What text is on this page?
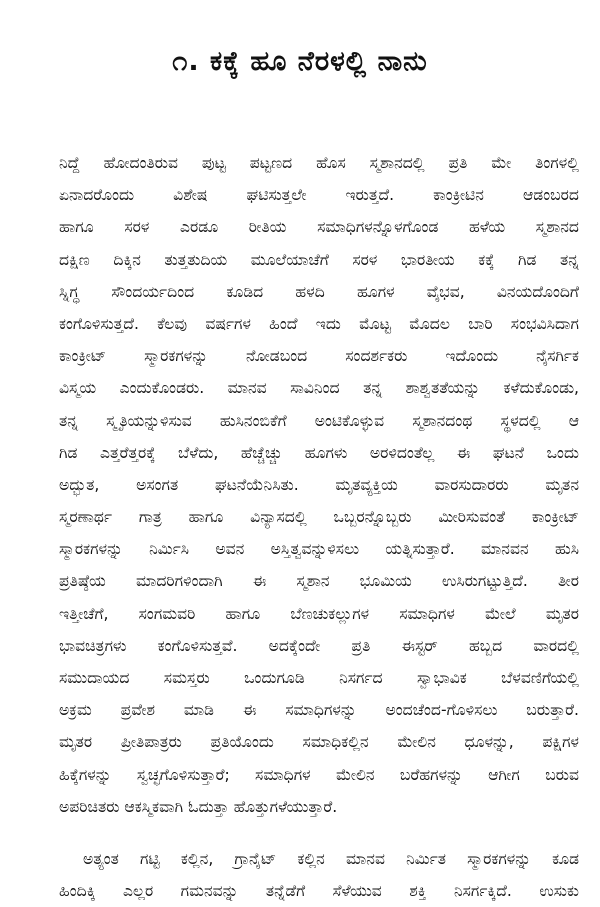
೧. ಕಕ್ಕೆ ಹೂ ನೆರಳಲ್ಲಿ ನಾನು
ನಿದ್ದೆ ಹೋದಂತಿರುವ ಪುಟ್ಟ ಪಟ್ಟಣದ ಹೊಸ ಸ್ಮಶಾನದಲ್ಲಿ ಪ್ರತಿ ಮೇ ತಿಂಗಳಲ್ಲಿ
ಏನಾದರೊಂದು ವಿಶೇಷ ಘಟಿಸುತ್ತಲೇ ಇರುತ್ತದೆ. ಕಾಂಕ್ರೀಟಿನ ಆಡಂಬರದ
ಹಾಗೂ ಸರಳ ಎರಡೂ ರೀತಿಯ ಸಮಾಧಿಗಳನ್ನೊಳಗೊಂಡ ಹಳೆಯ ಸ್ಮಶಾನದ
ದಕ್ಷಿಣ ದಿಕ್ಕಿನ ತುತ್ತತುದಿಯ ಮೂಲೆಯಾಚೆಗೆ ಸರಳ ಭಾರತೀಯ ಕಕ್ಕೆ ಗಿಡ ತನ್ನ
ಸ್ನಿಗ್ಧ ಸೌಂದರ್ಯದಿಂದ ಕೂಡಿದ ಹಳದಿ ಹೂಗಳ ವೈಭವ, ವಿನಯದೊಂದಿಗೆ
ಕಂಗೊಳಿಸುತ್ತದೆ. ಕೆಲವು ವರ್ಷಗಳ ಹಿಂದೆ ಇದು ಮೊಟ್ಟ ಮೊದಲ ಬಾರಿ ಸಂಭವಿಸಿದಾಗ
ಕಾಂಕ್ರೀಟ್ ಸ್ಮಾರಕಗಳನ್ನು ನೋಡಬಂದ ಸಂದರ್ಶಕರು ಇದೊಂದು ನೈಸರ್ಗಿಕ
ವಿಸ್ಮಯ ಎಂದುಕೊಂಡರು. ಮಾನವ ಸಾವಿನಿಂದ ತನ್ನ ಶಾಶ್ವತತೆಯನ್ನು ಕಳೆದುಕೊಂಡು,
ತನ್ನ ಸ್ಮೃತಿಯನ್ನುಳಿಸುವ ಹುಸಿನಂಬಿಕೆಗೆ ಅಂಟಿಕೊಳ್ಳುವ ಸ್ಮಶಾನದಂಥ ಸ್ಥಳದಲ್ಲಿ ಆ
ಗಿಡ ಎತ್ತರೆತ್ತರಕ್ಕೆ ಬೆಳೆದು, ಹೆಚ್ಚೆಚ್ಚು ಹೂಗಳು ಅರಳಿದಂತೆಲ್ಲ ಈ ಘಟನೆ ಒಂದು
ಅದ್ಭುತ, ಅಸಂಗತ ಘಟನೆಯೆನಿಸಿತು. ಮೃತವ್ಯಕ್ತಿಯ ವಾರಸುದಾರರು ಮೃತನ
ಸ್ಮರಣಾರ್ಥ ಗಾತ್ರ ಹಾಗೂ ವಿನ್ಯಾಸದಲ್ಲಿ ಒಬ್ಬರನ್ನೊಬ್ಬರು ಮೀರಿಸುವಂತೆ ಕಾಂಕ್ರೀಟ್
ಸ್ಮಾರಕಗಳನ್ನು ನಿರ್ಮಿಸಿ ಅವನ ಅಸ್ತಿತ್ವವನ್ನುಳಿಸಲು ಯತ್ನಿಸುತ್ತಾರೆ. ಮಾನವನ ಹುಸಿ
ಪ್ರತಿಷ್ಠೆಯ ಮಾದರಿಗಳಿಂದಾಗಿ ಈ ಸ್ಮಶಾನ ಭೂಮಿಯ ಉಸಿರುಗಟ್ಟುತ್ತಿದೆ. ತೀರ
ಇತ್ತೀಚೆಗೆ, ಸಂಗಮವರಿ ಹಾಗೂ ಬೆಣಚುಕಲ್ಲುಗಳ ಸಮಾಧಿಗಳ ಮೇಲೆ ಮೃತರ
ಭಾವಚಿತ್ರಗಳು ಕಂಗೊಳಿಸುತ್ತವೆ. ಅದಕ್ಕೆಂದೇ ಪ್ರತಿ ಈಸ್ಟರ್ ಹಬ್ಬದ ವಾರದಲ್ಲಿ
ಸಮುದಾಯದ ಸಮಸ್ತರು ಒಂದುಗೂಡಿ ನಿಸರ್ಗದ ಸ್ವಾಭಾವಿಕ ಬೆಳವಣಿಗೆಯಲ್ಲಿ
ಅಕ್ರಮ ಪ್ರವೇಶ ಮಾಡಿ ಈ ಸಮಾಧಿಗಳನ್ನು ಅಂದಚೆಂದ-ಗೊಳಿಸಲು ಬರುತ್ತಾರೆ.
ಮೃತರ ಪ್ರೀತಿಪಾತ್ರರು ಪ್ರತಿಯೊಂದು ಸಮಾಧಿಕಲ್ಲಿನ ಮೇಲಿನ ಧೂಳನ್ನು, ಪಕ್ಷಿಗಳ
ಹಿಕ್ಕೆಗಳನ್ನು ಸ್ವಚ್ಛಗೊಳಿಸುತ್ತಾರೆ; ಸಮಾಧಿಗಳ ಮೇಲಿನ ಬರೆಹಗಳನ್ನು ಆಗೀಗ ಬರುವ
ಅಪರಿಚಿತರು ಆಕಸ್ಮಿಕವಾಗಿ ಓದುತ್ತಾ ಹೊತ್ತುಗಳೆಯುತ್ತಾರೆ.
ಅತ್ಯಂತ ಗಟ್ಟಿ ಕಲ್ಲಿನ, ಗ್ರಾನೈಟ್ ಕಲ್ಲಿನ ಮಾನವ ನಿರ್ಮಿತ ಸ್ಮಾರಕಗಳನ್ನು ಕೂಡ
ಹಿಂದಿಕ್ಕಿ ಎಲ್ಲರ ಗಮನವನ್ನು ತನ್ನೆಡೆಗೆ ಸೆಳೆಯುವ ಶಕ್ತಿ ನಿಸರ್ಗಕ್ಕಿದೆ. ಉಸುಕು
